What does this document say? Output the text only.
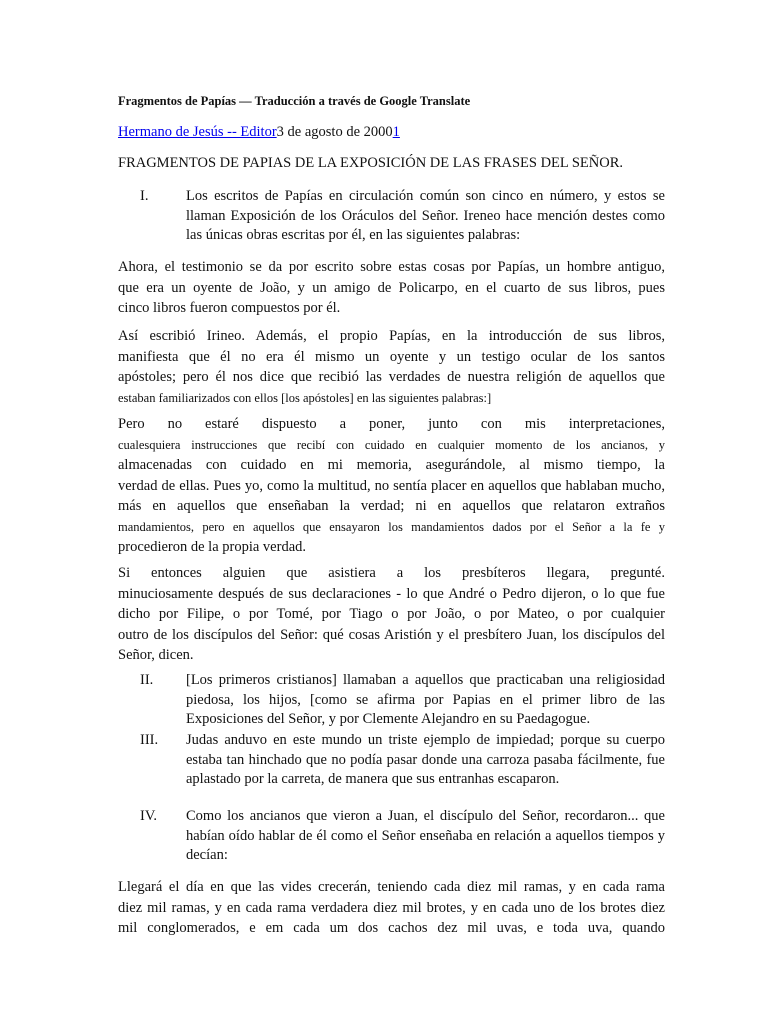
Fragmentos de Papías — Traducción a través de Google Translate
Hermano de Jesús -- Editor3 de agosto de 20001
FRAGMENTOS DE PAPIAS DE LA EXPOSICIÓN DE LAS FRASES DEL SEÑOR.
I.	Los escritos de Papías en circulación común son cinco en número, y estos se llaman Exposición de los Oráculos del Señor. Ireneo hace mención destes como las únicas obras escritas por él, en las siguientes palabras:
Ahora, el testimonio se da por escrito sobre estas cosas por Papías, un hombre antiguo,
que era un oyente de João, y un amigo de Policarpo, en el cuarto de sus libros, pues
cinco libros fueron compuestos por él.
Así escribió Irineo. Además, el propio Papías, en la introducción de sus libros,
manifiesta que él no era él mismo un oyente y un testigo ocular de los santos
apóstoles; pero él nos dice que recibió las verdades de nuestra religión de aquellos que
estaban familiarizados con ellos [los apóstoles] en las siguientes palabras:]
Pero no estaré dispuesto a poner, junto con mis interpretaciones,
cualesquiera instrucciones que recibí con cuidado en cualquier momento de los ancianos, y
almacenadas con cuidado en mi memoria, asegurándole, al mismo tiempo, la
verdad de ellas. Pues yo, como la multitud, no sentía placer en aquellos que hablaban mucho,
más en aquellos que enseñaban la verdad; ni en aquellos que relataron extraños
mandamientos, pero en aquellos que ensayaron los mandamientos dados por el Señor a la fe y
procedieron de la propia verdad.
Si entonces alguien que asistiera a los presbíteros llegara, pregunté.
minuciosamente después de sus declaraciones - lo que André o Pedro dijeron, o lo que fue
dicho por Filipe, o por Tomé, por Tiago o por João, o por Mateo, o por cualquier
outro de los discípulos del Señor: qué cosas Aristión y el presbítero Juan, los discípulos del
Señor, dicen.
II. [Los primeros cristianos] llamaban a aquellos que practicaban una religiosidad piedosa, los hijos, [como se afirma por Papias en el primer libro de las Exposiciones del Señor, y por Clemente Alejandro en su Paedagogue.
III. Judas anduvo en este mundo un triste ejemplo de impiedad; porque su cuerpo estaba tan hinchado que no podía pasar donde una carroza pasaba fácilmente, fue aplastado por la carreta, de manera que sus entranhas escaparon.
IV. Como los ancianos que vieron a Juan, el discípulo del Señor, recordaron... que habían oído hablar de él como el Señor enseñaba en relación a aquellos tiempos y decían:
Llegará el día en que las vides crecerán, teniendo cada diez mil ramas, y en cada rama
diez mil ramas, y en cada rama verdadera diez mil brotes, y en cada uno de los brotes diez
mil conglomerados, e em cada um dos cachos dez mil uvas, e toda uva, quando
